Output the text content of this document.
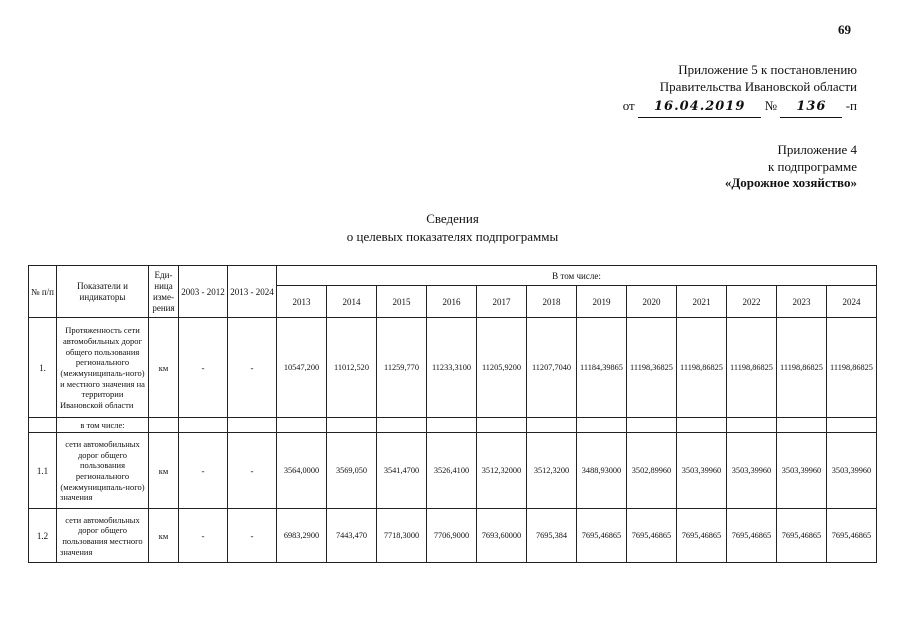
69
Приложение 5 к постановлению
Правительства Ивановской области
от 16.04.2019 № 136 -п
Приложение 4
к подпрограмме
«Дорожное хозяйство»
Сведения
о целевых показателях подпрограммы
№ п/п	Показатели и индикаторы	Еди-ница изме-рения	2003 - 2012	2013 - 2024	В том числе:											
					2013	2014	2015	2016	2017	2018	2019	2020	2021	2022	2023	2024
1.	Протяженность сети автомобильных дорог общего пользования регионального (межмуниципаль-ного) и местного значения на территории Ивановской области	км	-	-	10547,200	11012,520	11259,770	11233,3100	11205,9200	11207,7040	11184,39865	11198,36825	11198,86825	11198,86825	11198,86825	11198,86825
	в том числе:															
1.1	сети автомобильных дорог общего пользования регионального (межмуниципаль-ного) значения	км	-	-	3564,0000	3569,050	3541,4700	3526,4100	3512,32000	3512,3200	3488,93000	3502,89960	3503,39960	3503,39960	3503,39960	3503,39960
1.2	сети автомобильных дорог общего пользования местного значения	км	-	-	6983,2900	7443,470	7718,3000	7706,9000	7693,60000	7695,384	7695,46865	7695,46865	7695,46865	7695,46865	7695,46865	7695,46865
